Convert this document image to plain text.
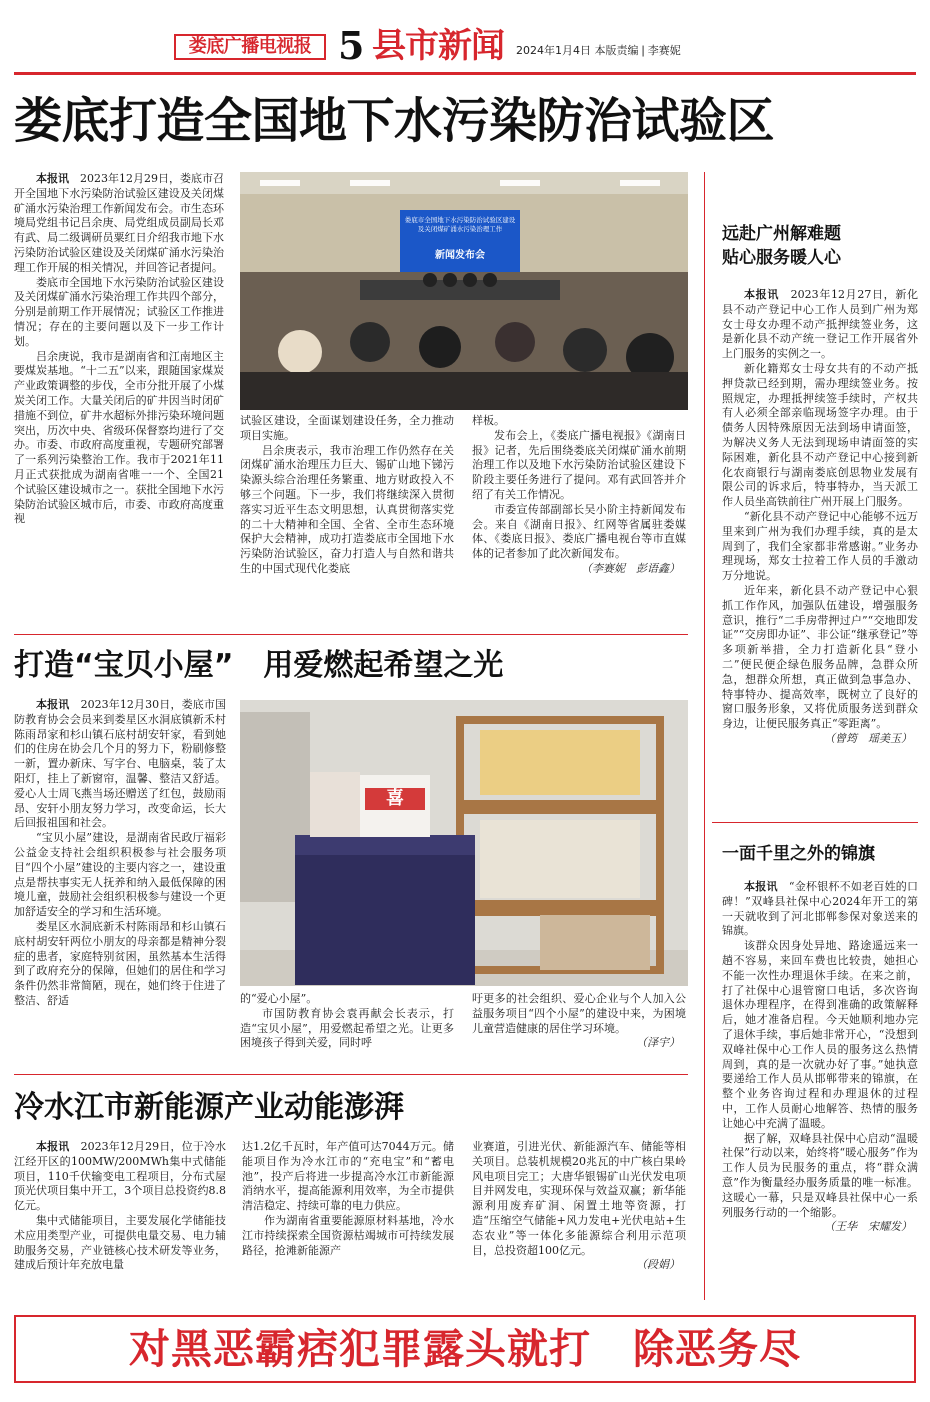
娄底广播电视报 5 县市新闻 2024年1月4日 本版责编❘李赛妮
娄底打造全国地下水污染防治试验区

本报讯　 2023年12月29日，娄底市召开全国地下水污染防治试验区建设及关闭煤矿涌水污染治理工作新闻发布会。市生态环境局党组书记吕余庚、局党组成员副局长邓有武、局二级调研员粟红日介绍我市地下水污染防治试验区建设及关闭煤矿涌水污染治理工作开展的相关情况，并回答记者提问。

娄底市全国地下水污染防治试验区建设及关闭煤矿涌水污染治理工作共四个部分，分别是前期工作开展情况；试验区工作推进情况；存在的主要问题以及下一步工作计划。

吕余庚说，我市是湖南省和江南地区主要煤炭基地。“十二五”以来，跟随国家煤炭产业政策调整的步伐，全市分批开展了小煤炭关闭工作。大量关闭后的矿井因当时闭矿措施不到位，矿井水超标外排污染环境问题突出，历次中央、省级环保督察均进行了交办。市委、市政府高度重视，专题研究部署了一系列污染整治工作。我市于2021年11月正式获批成为湖南省唯一一个、全国21个试验区建设城市之一。获批全国地下水污染防治试验区城市后，市委、市政府高度重视

娄底市全国地下水污染防治试验区建设及关闭煤矿涌水污染治理工作
新闻发布会

试验区建设，全面谋划建设任务，全力推动项目实施。

吕余庚表示，我市治理工作仍然存在关闭煤矿涌水治理压力巨大、锡矿山地下锑污染源头综合治理任务繁重、地方财政投入不够三个问题。下一步，我们将继续深入贯彻落实习近平生态文明思想，认真贯彻落实党的二十大精神和全国、全省、全市生态环境保护大会精神，成功打造娄底市全国地下水污染防治试验区，奋力打造人与自然和谐共生的中国式现代化娄底

样板。

发布会上，《娄底广播电视报》《湖南日报》记者，先后围绕娄底关闭煤矿涌水前期治理工作以及地下水污染防治试验区建设下阶段主要任务进行了提问。邓有武回答并介绍了有关工作情况。

市委宣传部副部长吴小阶主持新闻发布会。来自《湖南日报》、红网等省属驻娄媒体、《娄底日报》、娄底广播电视台等市直媒体的记者参加了此次新闻发布。

（李赛妮　彭语鑫）
打造“宝贝小屋”　用爱燃起希望之光

本报讯　 2023年12月30日，娄底市国防教育协会会员来到娄星区水洞底镇新禾村陈雨昂家和杉山镇石底村胡安轩家，看到她们的住房在协会几个月的努力下，粉刷修整一新，置办新床、写字台、电脑桌，装了太阳灯，挂上了新窗帘，温馨、整洁又舒适。爱心人士周飞燕当场还赠送了红包，鼓励雨昂、安轩小朋友努力学习，改变命运，长大后回报祖国和社会。

“宝贝小屋”建设，是湖南省民政厅福彩公益金支持社会组织积极参与社会服务项目“四个小屋”建设的主要内容之一，建设重点是帮扶事实无人抚养和纳入最低保障的困境儿童，鼓励社会组织积极参与建设一个更加舒适安全的学习和生活环境。

娄星区水洞底新禾村陈雨昂和杉山镇石底村胡安轩两位小朋友的母亲都是精神分裂症的患者，家庭特别贫困，虽然基本生活得到了政府充分的保障，但她们的居住和学习条件仍然非常简陋，现在，她们终于住进了整洁、舒适

喜

的“爱心小屋”。

市国防教育协会袁再献会长表示，打造“宝贝小屋”，用爱燃起希望之光。让更多困境孩子得到关爱，同时呼

吁更多的社会组织、爱心企业与个人加入公益服务项目“四个小屋”的建设中来，为困境儿童营造健康的居住学习环境。

（泽宇）
冷水江市新能源产业动能澎湃

本报讯　 2023年12月29日，位于冷水江经开区的100MW/200MWh集中式储能项目，110千伏输变电工程项目，分布式屋顶光伏项目集中开工，3个项目总投资约8.8亿元。

集中式储能项目，主要发展化学储能技术应用类型产业，可提供电量交易、电力辅助服务交易，产业链核心技术研发等业务，建成后预计年充放电量

达1.2亿千瓦时，年产值可达7044万元。储能项目作为冷水江市的“充电宝”和“蓄电池”，投产后将进一步提高冷水江市新能源消纳水平，提高能源利用效率，为全市提供清洁稳定、持续可靠的电力供应。

作为湖南省重要能源原材料基地，冷水江市持续探索全国资源枯竭城市可持续发展路径，抢滩新能源产

业赛道，引进光伏、新能源汽车、储能等相关项目。总装机规模20兆瓦的中广核白果岭风电项目完工；大唐华银锡矿山光伏发电项目并网发电，实现环保与效益双赢；新华能源利用废弃矿洞、闲置土地等资源，打造“压缩空气储能+风力发电+光伏电站+生态农业”等一体化多能源综合利用示范项目，总投资超100亿元。

（段娟）
远赴广州解难题
贴心服务暖人心

本报讯　 2023年12月27日，新化县不动产登记中心工作人员到广州为郑女士母女办理不动产抵押续签业务，这是新化县不动产统一登记工作开展省外上门服务的实例之一。

新化籍郑女士母女共有的不动产抵押贷款已经到期，需办理续签业务。按照规定，办理抵押续签手续时，产权共有人必须全部亲临现场签字办理。由于债务人因特殊原因无法到场申请面签，为解决义务人无法到现场申请面签的实际困难，新化县不动产登记中心接到新化农商银行与湖南娄底创思物业发展有限公司的诉求后，特事特办，当天派工作人员坐高铁前往广州开展上门服务。

“新化县不动产登记中心能够不远万里来到广州为我们办理手续，真的是太周到了，我们全家都非常感谢。”业务办理现场，郑女士拉着工作人员的手激动万分地说。

近年来，新化县不动产登记中心狠抓工作作风，加强队伍建设，增强服务意识，推行“二手房带押过户”“交地即发证”“交房即办证”、非公证“继承登记”等多项新举措，全力打造新化县“登小二”便民便企绿色服务品牌，急群众所急，想群众所想，真正做到急事急办、特事特办、提高效率，既树立了良好的窗口服务形象，又将优质服务送到群众身边，让便民服务真正“零距离”。

（曾筠　瑶美玉）
一面千里之外的锦旗

本报讯　 “金杯银杯不如老百姓的口碑！”双峰县社保中心2024年开工的第一天就收到了河北邯郸参保对象送来的锦旗。

该群众因身处异地、路途遥远来一趟不容易，来回车费也比较贵，她担心不能一次性办理退休手续。在来之前，打了社保中心退管窗口电话，多次咨询退休办理程序，在得到准确的政策解释后，她才准备启程。今天她顺利地办完了退休手续，事后她非常开心，“没想到双峰社保中心工作人员的服务这么热情周到，真的是一次就办好了事。”她执意要递给工作人员从邯郸带来的锦旗，在整个业务咨询过程和办理退休的过程中，工作人员耐心地解答、热情的服务让她心中充满了温暖。

据了解，双峰县社保中心启动“温暖社保”行动以来，始终将“暖心服务”作为工作人员为民服务的重点，将“群众满意”作为衡量经办服务质量的唯一标准。这暖心一幕，只是双峰县社保中心一系列服务行动的一个缩影。

（王华　宋耀发）
对黑恶霸痞犯罪露头就打　除恶务尽
